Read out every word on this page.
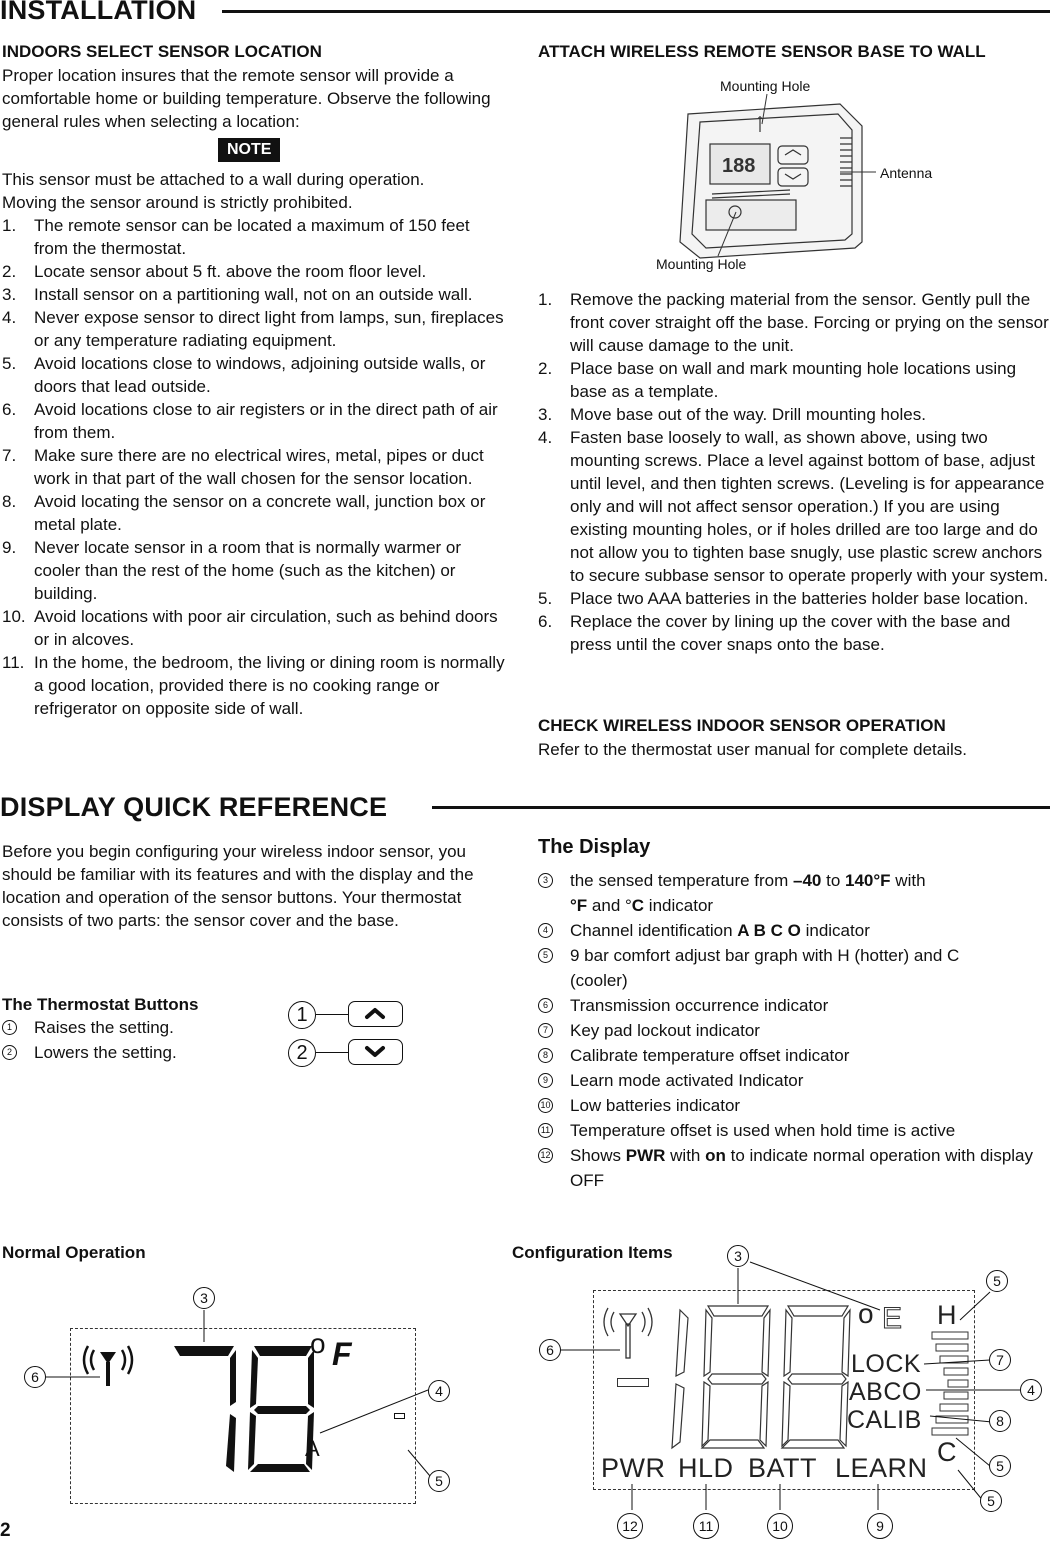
INSTALLATION
INDOORS SELECT SENSOR LOCATION
Proper location insures that the remote sensor will provide a comfortable home or building temperature. Observe the following general rules when selecting a location:
NOTE
This sensor must be attached to a wall during operation. Moving the sensor around is strictly prohibited.
1. The remote sensor can be located a maximum of 150 feet from the thermostat.
2. Locate sensor about 5 ft. above the room floor level.
3. Install sensor on a partitioning wall, not on an outside wall.
4. Never expose sensor to direct light from lamps, sun, fireplaces or any temperature radiating equipment.
5. Avoid locations close to windows, adjoining outside walls, or doors that lead outside.
6. Avoid locations close to air registers or in the direct path of air from them.
7. Make sure there are no electrical wires, metal, pipes or duct work in that part of the wall chosen for the sensor location.
8. Avoid locating the sensor on a concrete wall, junction box or metal plate.
9. Never locate sensor in a room that is normally warmer or cooler than the rest of the home (such as the kitchen) or building.
10. Avoid locations with poor air circulation, such as behind doors or in alcoves.
11. In the home, the bedroom, the living or dining room is normally a good location, provided there is no cooking range or refrigerator on opposite side of wall.
ATTACH WIRELESS REMOTE SENSOR BASE TO WALL
188
Mounting Hole
Antenna
Mounting Hole
1. Remove the packing material from the sensor. Gently pull the front cover straight off the base. Forcing or prying on the sensor will cause damage to the unit.
2. Place base on wall and mark mounting hole locations using base as a template.
3. Move base out of the way. Drill mounting holes.
4. Fasten base loosely to wall, as shown above, using two mounting screws. Place a level against bottom of base, adjust until level, and then tighten screws. (Leveling is for appearance only and will not affect sensor operation.) If you are using existing mounting holes, or if holes drilled are too large and do not allow you to tighten base snugly, use plastic screw anchors to secure subbase sensor to operate properly with your system.
5. Place two AAA batteries in the batteries holder base location.
6. Replace the cover by lining up the cover with the base and press until the cover snaps onto the base.
CHECK WIRELESS INDOOR SENSOR OPERATION
Refer to the thermostat user manual for complete details.
DISPLAY QUICK REFERENCE
Before you begin configuring your wireless indoor sensor, you should be familiar with its features and with the display and the location and operation of the sensor buttons. Your thermostat consists of two parts: the sensor cover and the base.
The Thermostat Buttons
1 Raises the setting.
2 Lowers the setting.
1
2
The Display
3 the sensed temperature from –40 to 140°F with
°F and °C indicator
4 Channel identification A B C O indicator
5 9 bar comfort adjust bar graph with H (hotter) and C (cooler)
6 Transmission occurrence indicator
7 Key pad lockout indicator
8 Calibrate temperature offset indicator
9 Learn mode activated Indicator
10 Low batteries indicator
11 Temperature offset is used when hold time is active
12 Shows PWR with on to indicate normal operation with display OFF
Normal Operation
o F
A
3
6
4
5
Configuration Items
o E H
LOCK
ABCO
CALIB
C
PWR HLD BATT LEARN
3
5
6
7
4
8
5
5
12	11	10	9
2
